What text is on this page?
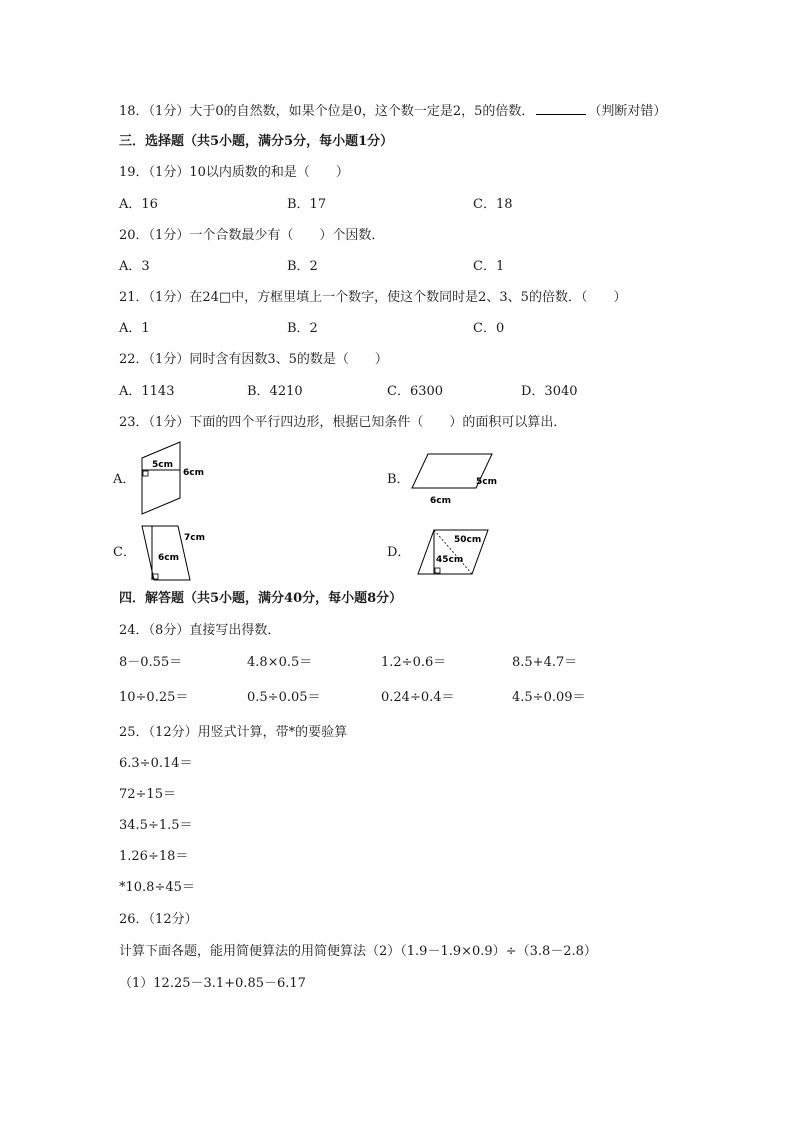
18．（1分）大于0的自然数，如果个位是0，这个数一定是2，5的倍数．	（判断对错）
三．选择题（共5小题，满分5分，每小题1分）
19．（1分）10以内质数的和是（　　）
A．16	B．17	C．18
20．（1分）一个合数最少有（　　）个因数．
A．3	B．2	C．1
21．（1分）在24□中，方框里填上一个数字，使这个数同时是2、3、5的倍数．（　　）
A．1	B．2	C．0
22．（1分）同时含有因数3、5的数是（　　）
A．1143	B．4210	C．6300	D．3040
23．（1分）下面的四个平行四边形，根据已知条件（　　）的面积可以算出．
A．
5cm
6cm	B．	5cm
6cm
C．
7cm
6cm	D．
50cm
45cm
四．解答题（共5小题，满分40分，每小题8分）
24．（8分）直接写出得数．
8－0.55＝	4.8×0.5＝	1.2÷0.6＝	8.5+4.7＝
10÷0.25＝	0.5÷0.05＝	0.24÷0.4＝	4.5÷0.09＝
25．（12分）用竖式计算，带*的要验算
6.3÷0.14＝
72÷15＝
34.5÷1.5＝
1.26÷18＝
*10.8÷45＝
26．（12分）
计算下面各题，能用简便算法的用简便算法（2）（1.9－1.9×0.9）÷（3.8－2.8）
（1）12.25－3.1+0.85－6.17
